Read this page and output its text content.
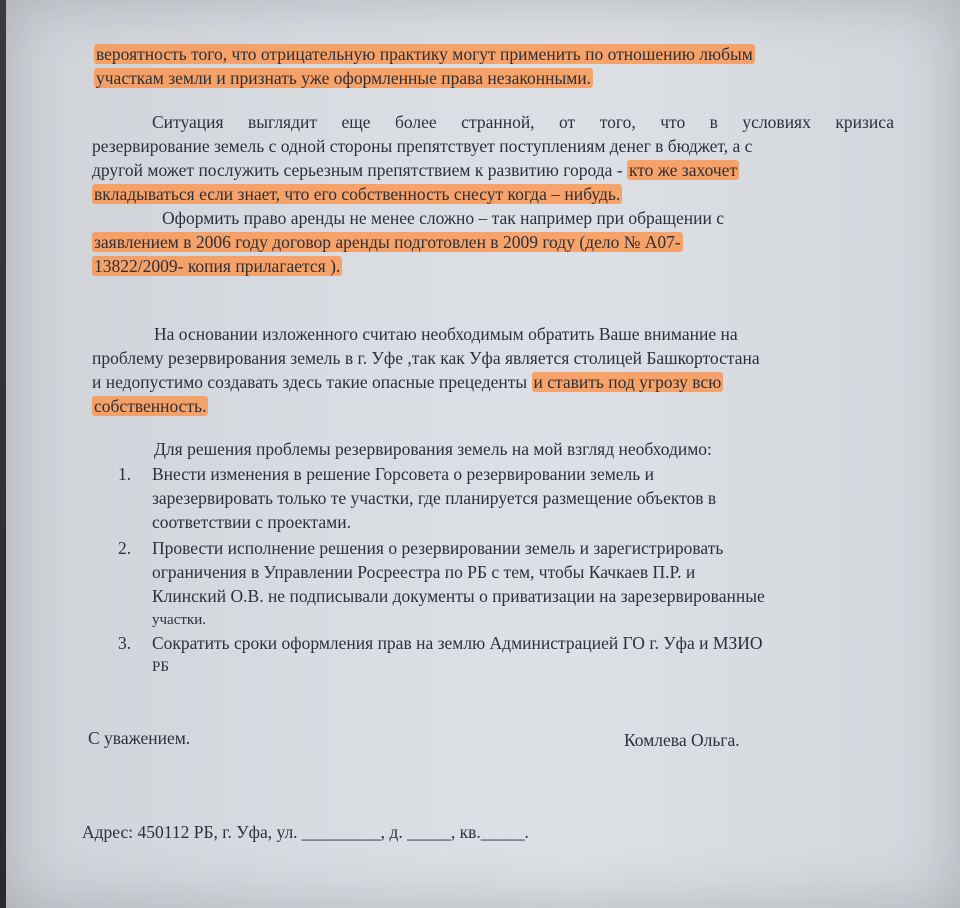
вероятность того, что отрицательную практику могут применить по отношению любым
участкам земли и признать уже оформленные права незаконными.
Ситуация выглядит еще более странной, от того, что в условиях кризиса
резервирование земель с одной стороны препятствует поступлениям денег в бюджет, а с
другой может послужить серьезным препятствием к развитию города - кто же захочет
вкладываться если знает, что его собственность снесут когда – нибудь.
Оформить право аренды не менее сложно – так например при обращении с
заявлением в 2006 году договор аренды подготовлен в 2009 году (дело № А07-
13822/2009- копия прилагается ).
На основании изложенного считаю необходимым обратить Ваше внимание на
проблему резервирования земель в г. Уфе ,так как Уфа является столицей Башкортостана
и недопустимо создавать здесь такие опасные прецеденты и ставить под угрозу всю
собственность.
Для решения проблемы резервирования земель на мой взгляд необходимо:
1. Внести изменения в решение Горсовета о резервировании земель и
зарезервировать только те участки, где планируется размещение объектов в
соответствии с проектами.
2. Провести исполнение решения о резервировании земель и зарегистрировать
ограничения в Управлении Росреестра по РБ с тем, чтобы Качкаев П.Р. и
Клинский О.В. не подписывали документы о приватизации на зарезервированные
участки.
3. Сократить сроки оформления прав на землю Администрацией ГО г. Уфа и МЗИО
РБ
С уважением.	Комлева Ольга.
Адрес: 450112 РБ, г. Уфа, ул. _________, д. _____, кв._____.
